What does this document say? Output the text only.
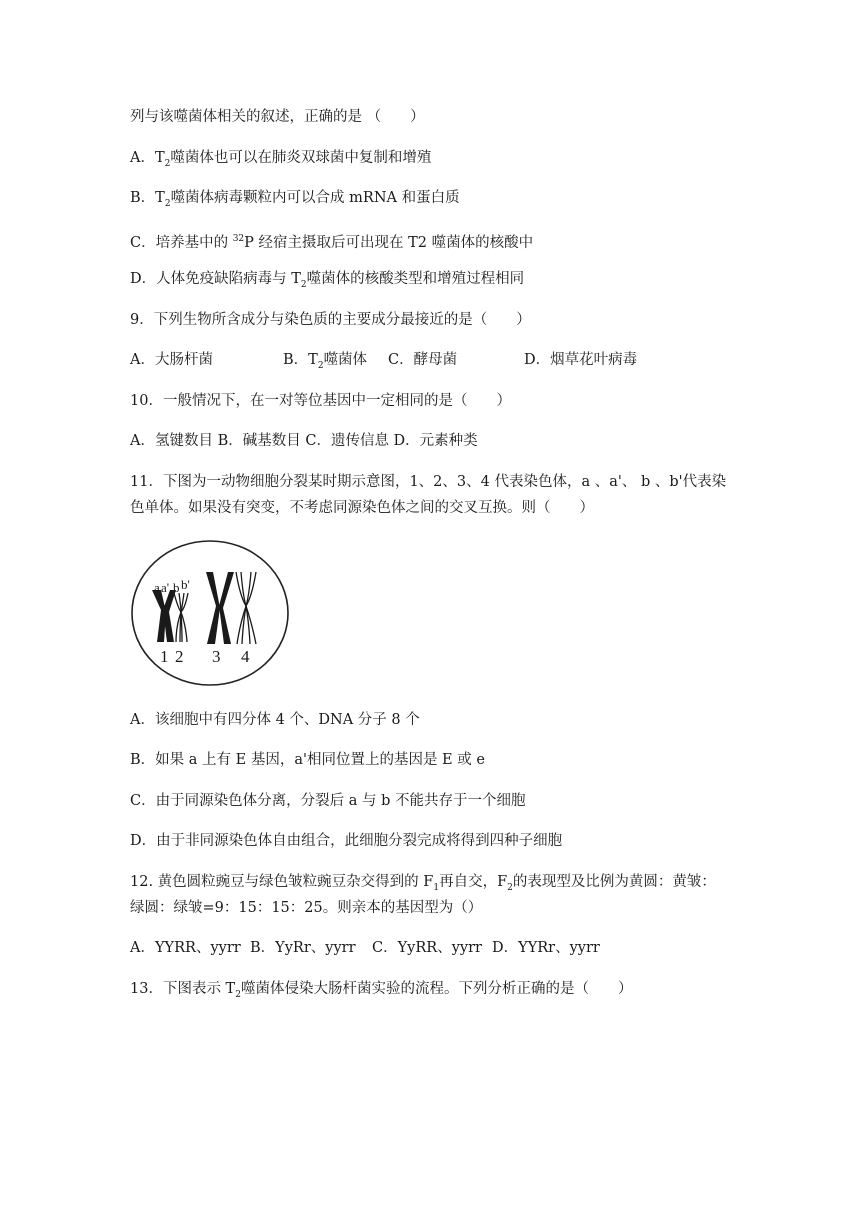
列与该噬菌体相关的叙述，正确的是 （　　）
A．$T_2$噬菌体也可以在肺炎双球菌中复制和增殖
B．$T_2$噬菌体病毒颗粒内可以合成 mRNA 和蛋白质
C．培养基中的 $^{32}$P 经宿主摄取后可出现在 T2 噬菌体的核酸中
D．人体免疫缺陷病毒与 $T_2$噬菌体的核酸类型和增殖过程相同
9．下列生物所含成分与染色质的主要成分最接近的是（　　）
A．大肠杆菌	B．$T_2$噬菌体 C．酵母菌	D．烟草花叶病毒
10．一般情况下，在一对等位基因中一定相同的是（　　）
A．氢键数目 B．碱基数目 C．遗传信息 D．元素种类
11．下图为一动物细胞分裂某时期示意图，1、2、3、4 代表染色体，a 、a'、 b 、b'代表染
色单体。如果没有突变，不考虑同源染色体之间的交叉互换。则（　　）
a a' b b'
1 2 3 4
A．该细胞中有四分体 4 个、DNA 分子 8 个
B．如果 a 上有 E 基因，a'相同位置上的基因是 E 或 e
C．由于同源染色体分离，分裂后 a 与 b 不能共存于一个细胞
D．由于非同源染色体自由组合，此细胞分裂完成将得到四种子细胞
12. 黄色圆粒豌豆与绿色皱粒豌豆杂交得到的 $F_1$再自交，$F_2$的表现型及比例为黄圆：黄皱：
绿圆：绿皱=9：15：15：25。则亲本的基因型为（）
A．YYRR、yyrr B．YyRr、yyrr C．YyRR、yyrr D．YYRr、yyrr
13．下图表示 $T_2$噬菌体侵染大肠杆菌实验的流程。下列分析正确的是（　　）
